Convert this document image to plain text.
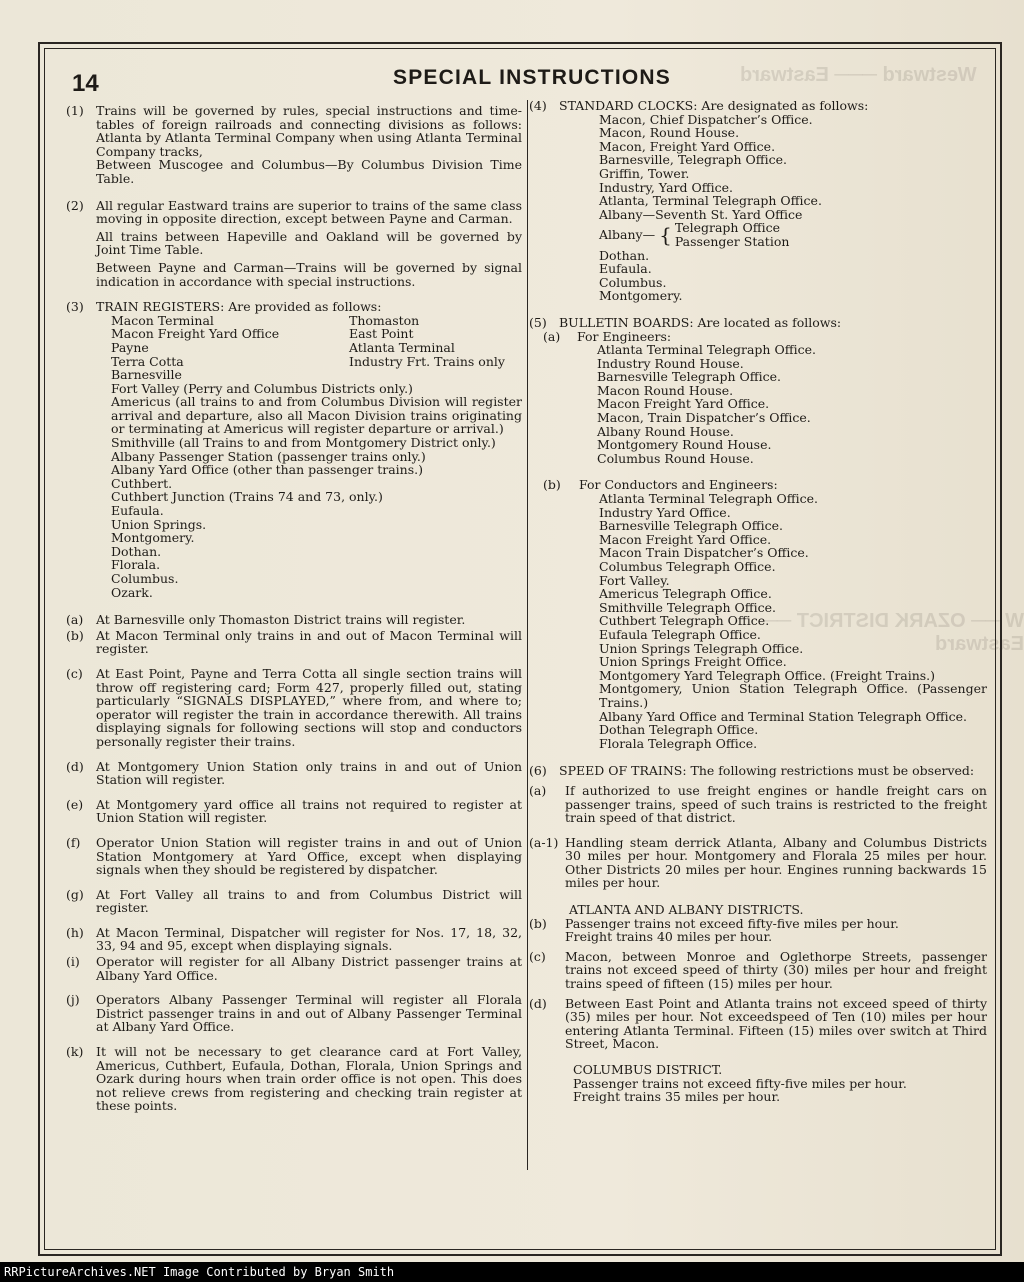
Westward ─── Eastward
W ── OZARK DISTRICT ── Eastward
14	SPECIAL INSTRUCTIONS
(1) Trains will be governed by rules, special instructions and time-tables of foreign railroads and connecting divisions as follows: Atlanta by Atlanta Terminal Company when using Atlanta Terminal Company tracks,

Between Muscogee and Columbus—By Columbus Division Time Table.

(2) All regular Eastward trains are superior to trains of the same class moving in opposite direction, except between Payne and Carman.

All trains between Hapeville and Oakland will be governed by Joint Time Table.

Between Payne and Carman—Trains will be governed by signal indication in accordance with special instructions.

(3) TRAIN REGISTERS: Are provided as follows:

Macon Terminal	Thomaston
Macon Freight Yard Office	East Point
Payne	Atlanta Terminal
Terra Cotta	Industry Frt. Trains only

Barnesville

Fort Valley (Perry and Columbus Districts only.)

Americus (all trains to and from Columbus Division will register arrival and departure, also all Macon Division trains originating or terminating at Americus will register departure or arrival.)

Smithville (all Trains to and from Montgomery District only.)

Albany Passenger Station (passenger trains only.)

Albany Yard Office (other than passenger trains.)

Cuthbert.

Cuthbert Junction (Trains 74 and 73, only.)

Eufaula.

Union Springs.

Montgomery.

Dothan.

Florala.

Columbus.

Ozark.

(a) At Barnesville only Thomaston District trains will register.

(b) At Macon Terminal only trains in and out of Macon Terminal will register.

(c) At East Point, Payne and Terra Cotta all single section trains will throw off registering card; Form 427, properly filled out, stating particularly “SIGNALS DISPLAYED,” where from, and where to; operator will register the train in accordance therewith. All trains displaying signals for following sections will stop and conductors personally register their trains.

(d) At Montgomery Union Station only trains in and out of Union Station will register.

(e) At Montgomery yard office all trains not required to register at Union Station will register.

(f) Operator Union Station will register trains in and out of Union Station Montgomery at Yard Office, except when displaying signals when they should be registered by dispatcher.

(g) At Fort Valley all trains to and from Columbus District will register.

(h) At Macon Terminal, Dispatcher will register for Nos. 17, 18, 32, 33, 94 and 95, except when displaying signals.

(i) Operator will register for all Albany District passenger trains at Albany Yard Office.

(j) Operators Albany Passenger Terminal will register all Florala District passenger trains in and out of Albany Passenger Terminal at Albany Yard Office.

(k) It will not be necessary to get clearance card at Fort Valley, Americus, Cuthbert, Eufaula, Dothan, Florala, Union Springs and Ozark during hours when train order office is not open. This does not relieve crews from registering and checking train register at these points.

(4) STANDARD CLOCKS: Are designated as follows:

Macon, Chief Dispatcher’s Office.

Macon, Round House.

Macon, Freight Yard Office.

Barnesville, Telegraph Office.

Griffin, Tower.

Industry, Yard Office.

Atlanta, Terminal Telegraph Office.

Albany—Seventh St. Yard Office

Albany— { Telegraph Office
Passenger Station

Dothan.

Eufaula.

Columbus.

Montgomery.

(5) BULLETIN BOARDS: Are located as follows:

(a) For Engineers:

Atlanta Terminal Telegraph Office.

Industry Round House.

Barnesville Telegraph Office.

Macon Round House.

Macon Freight Yard Office.

Macon, Train Dispatcher’s Office.

Albany Round House.

Montgomery Round House.

Columbus Round House.

(b) For Conductors and Engineers:

Atlanta Terminal Telegraph Office.

Industry Yard Office.

Barnesville Telegraph Office.

Macon Freight Yard Office.

Macon Train Dispatcher’s Office.

Columbus Telegraph Office.

Fort Valley.

Americus Telegraph Office.

Smithville Telegraph Office.

Cuthbert Telegraph Office.

Eufaula Telegraph Office.

Union Springs Telegraph Office.

Union Springs Freight Office.

Montgomery Yard Telegraph Office. (Freight Trains.)

Montgomery, Union Station Telegraph Office. (Passenger Trains.)

Albany Yard Office and Terminal Station Telegraph Office.

Dothan Telegraph Office.

Florala Telegraph Office.

(6) SPEED OF TRAINS: The following restrictions must be observed:

(a) If authorized to use freight engines or handle freight cars on passenger trains, speed of such trains is restricted to the freight train speed of that district.

(a-1) Handling steam derrick Atlanta, Albany and Columbus Districts 30 miles per hour. Montgomery and Florala 25 miles per hour. Other Districts 20 miles per hour. Engines running backwards 15 miles per hour.

ATLANTA AND ALBANY DISTRICTS.

(b) Passenger trains not exceed fifty-five miles per hour.

Freight trains 40 miles per hour.

(c) Macon, between Monroe and Oglethorpe Streets, passenger trains not exceed speed of thirty (30) miles per hour and freight trains speed of fifteen (15) miles per hour.

(d) Between East Point and Atlanta trains not exceed speed of thirty (35) miles per hour. Not exceedspeed of Ten (10) miles per hour entering Atlanta Terminal. Fifteen (15) miles over switch at Third Street, Macon.

COLUMBUS DISTRICT.

Passenger trains not exceed fifty-five miles per hour.

Freight trains 35 miles per hour.

RRPictureArchives.NET Image Contributed by Bryan Smith
